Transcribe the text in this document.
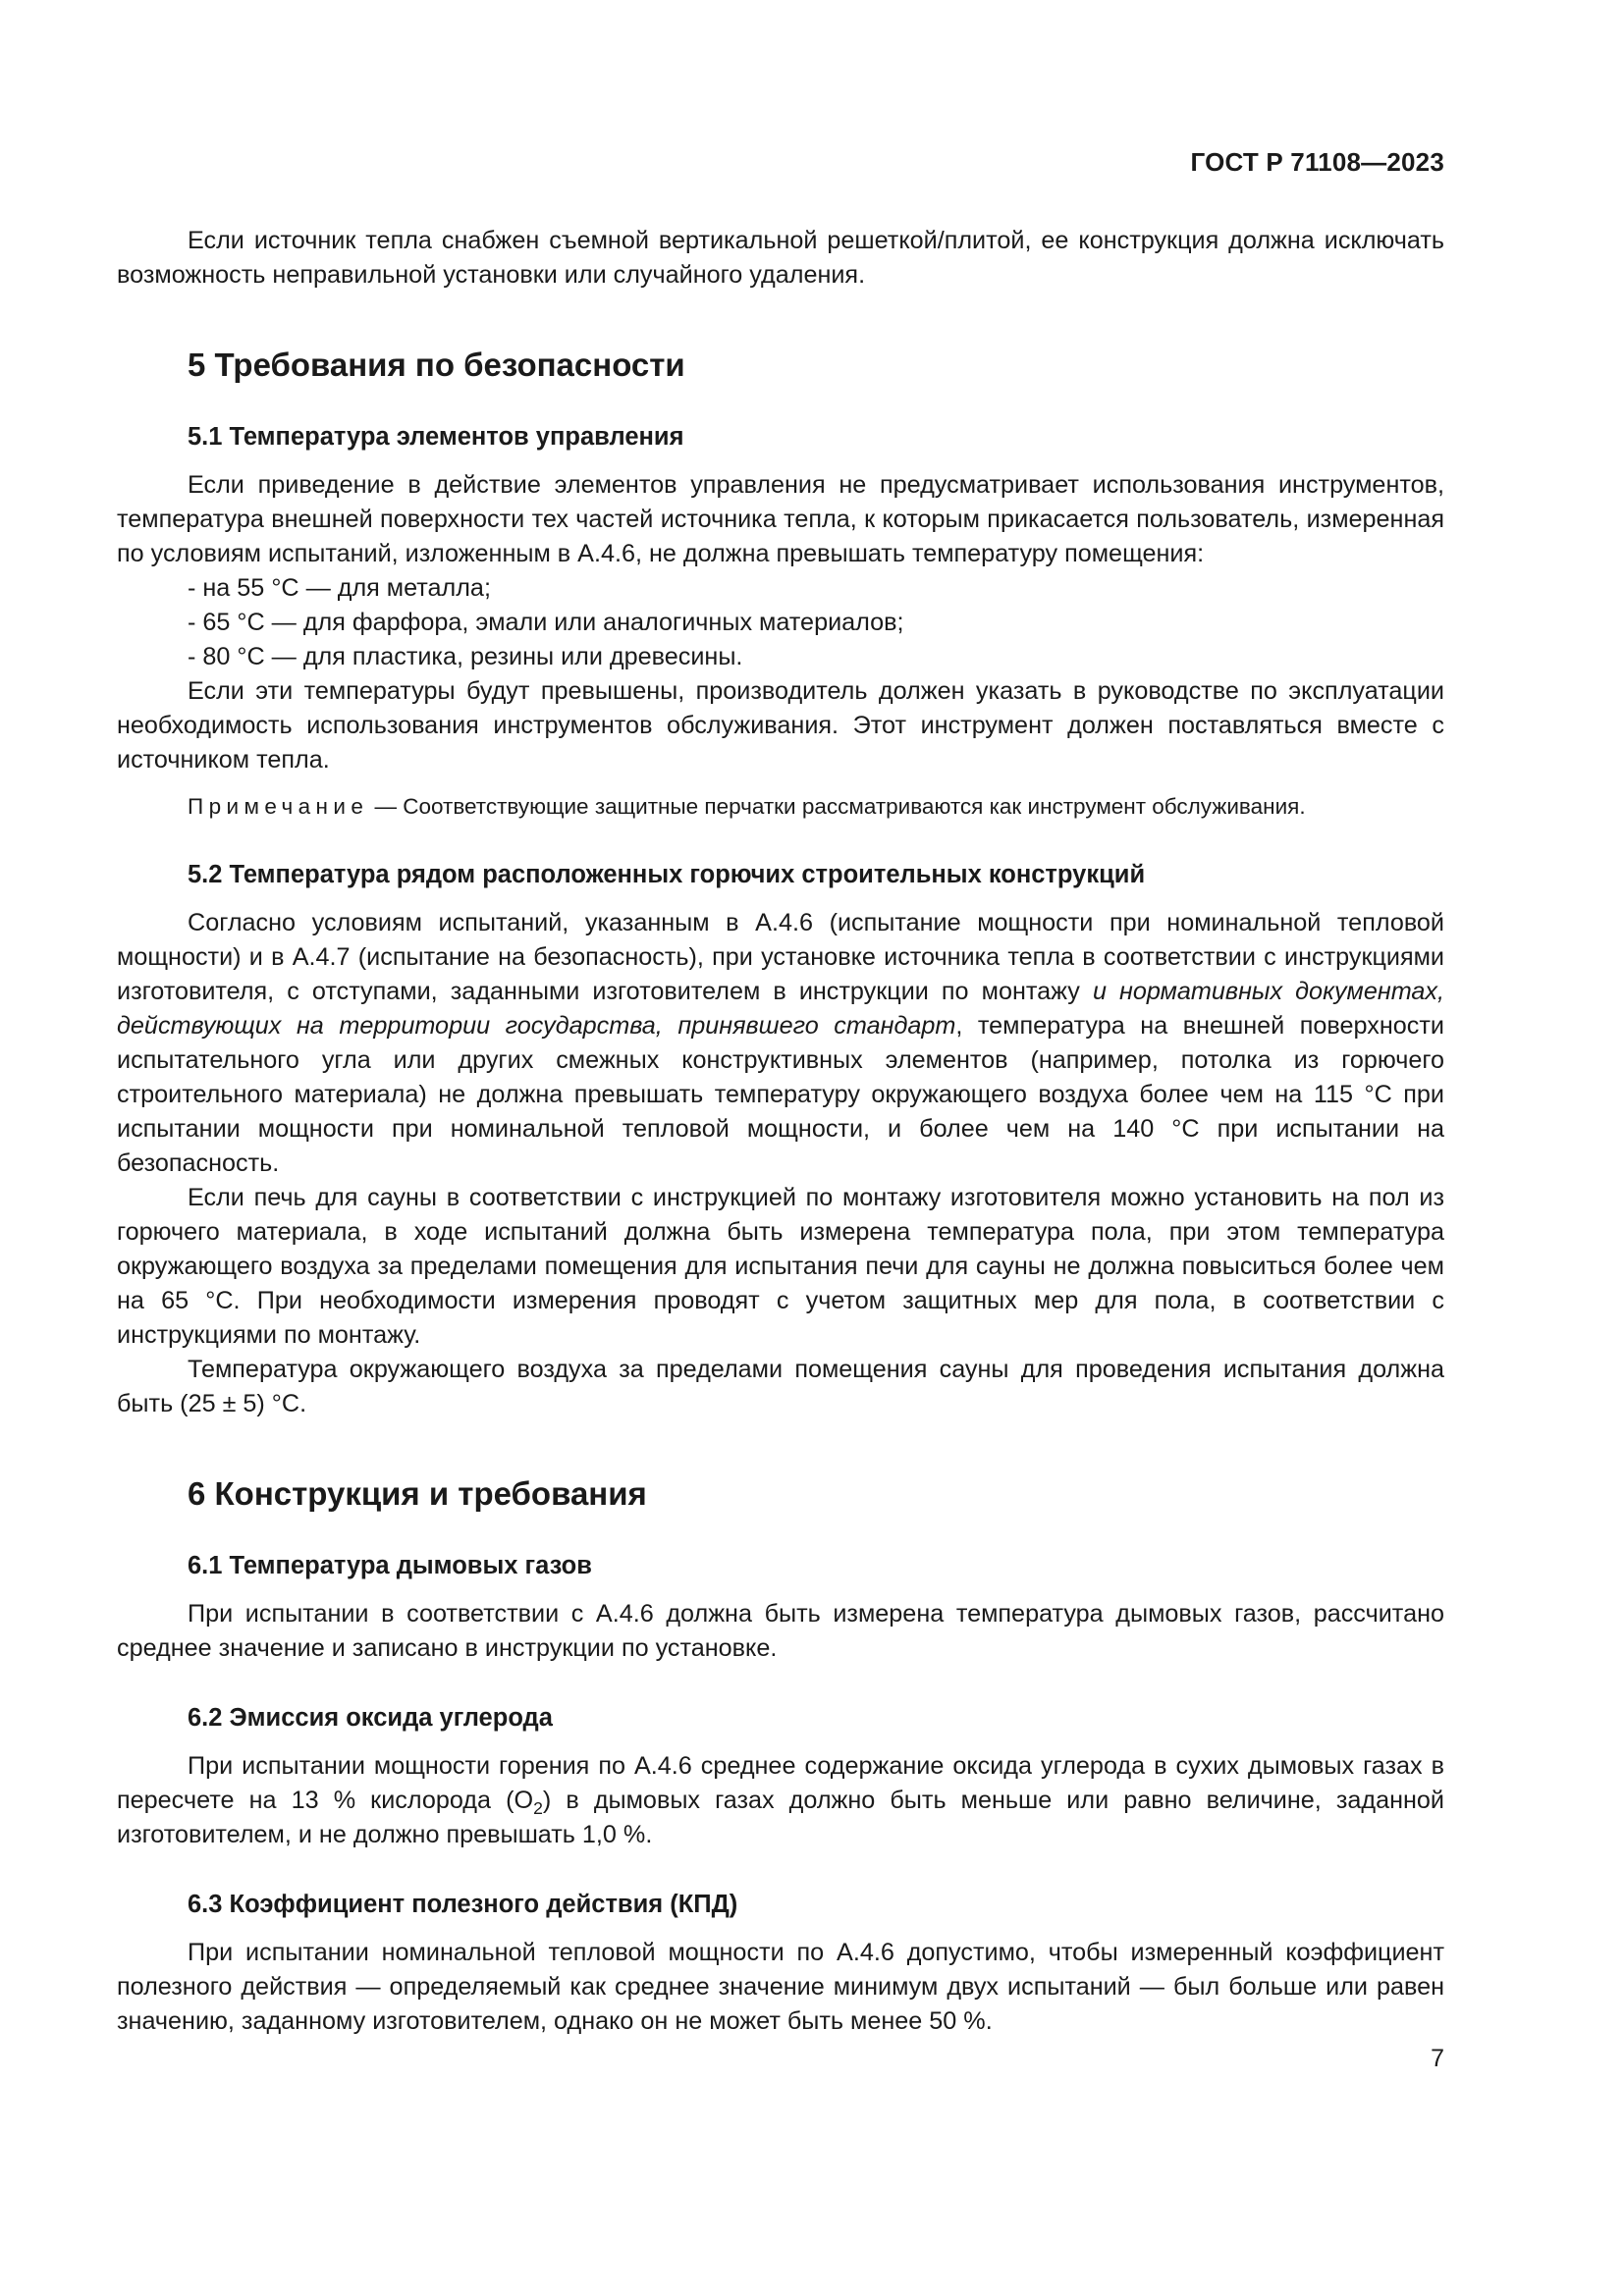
ГОСТ Р 71108—2023

Если источник тепла снабжен съемной вертикальной решеткой/плитой, ее конструкция должна исключать возможность неправильной установки или случайного удаления.

5 Требования по безопасности
5.1 Температура элементов управления

Если приведение в действие элементов управления не предусматривает использования инструментов, температура внешней поверхности тех частей источника тепла, к которым прикасается пользователь, измеренная по условиям испытаний, изложенным в А.4.6, не должна превышать температуру помещения:

- на 55 °С — для металла;

- 65 °С — для фарфора, эмали или аналогичных материалов;

- 80 °С — для пластика, резины или древесины.

Если эти температуры будут превышены, производитель должен указать в руководстве по эксплуатации необходимость использования инструментов обслуживания. Этот инструмент должен поставляться вместе с источником тепла.

Примечание — Соответствующие защитные перчатки рассматриваются как инструмент обслуживания.

5.2 Температура рядом расположенных горючих строительных конструкций

Согласно условиям испытаний, указанным в А.4.6 (испытание мощности при номинальной тепловой мощности) и в А.4.7 (испытание на безопасность), при установке источника тепла в соответствии с инструкциями изготовителя, с отступами, заданными изготовителем в инструкции по монтажу и нормативных документах, действующих на территории государства, принявшего стандарт, температура на внешней поверхности испытательного угла или других смежных конструктивных элементов (например, потолка из горючего строительного материала) не должна превышать температуру окружающего воздуха более чем на 115 °С при испытании мощности при номинальной тепловой мощности, и более чем на 140 °С при испытании на безопасность.

Если печь для сауны в соответствии с инструкцией по монтажу изготовителя можно установить на пол из горючего материала, в ходе испытаний должна быть измерена температура пола, при этом температура окружающего воздуха за пределами помещения для испытания печи для сауны не должна повыситься более чем на 65 °С. При необходимости измерения проводят с учетом защитных мер для пола, в соответствии с инструкциями по монтажу.

Температура окружающего воздуха за пределами помещения сауны для проведения испытания должна быть (25 ± 5) °С.

6 Конструкция и требования
6.1 Температура дымовых газов

При испытании в соответствии с А.4.6 должна быть измерена температура дымовых газов, рассчитано среднее значение и записано в инструкции по установке.

6.2 Эмиссия оксида углерода

При испытании мощности горения по А.4.6 среднее содержание оксида углерода в сухих дымовых газах в пересчете на 13 % кислорода $(О_2)$ в дымовых газах должно быть меньше или равно величине, заданной изготовителем, и не должно превышать 1,0 %.

6.3 Коэффициент полезного действия (КПД)

При испытании номинальной тепловой мощности по А.4.6 допустимо, чтобы измеренный коэффициент полезного действия — определяемый как среднее значение минимум двух испытаний — был больше или равен значению, заданному изготовителем, однако он не может быть менее 50 %.

7
